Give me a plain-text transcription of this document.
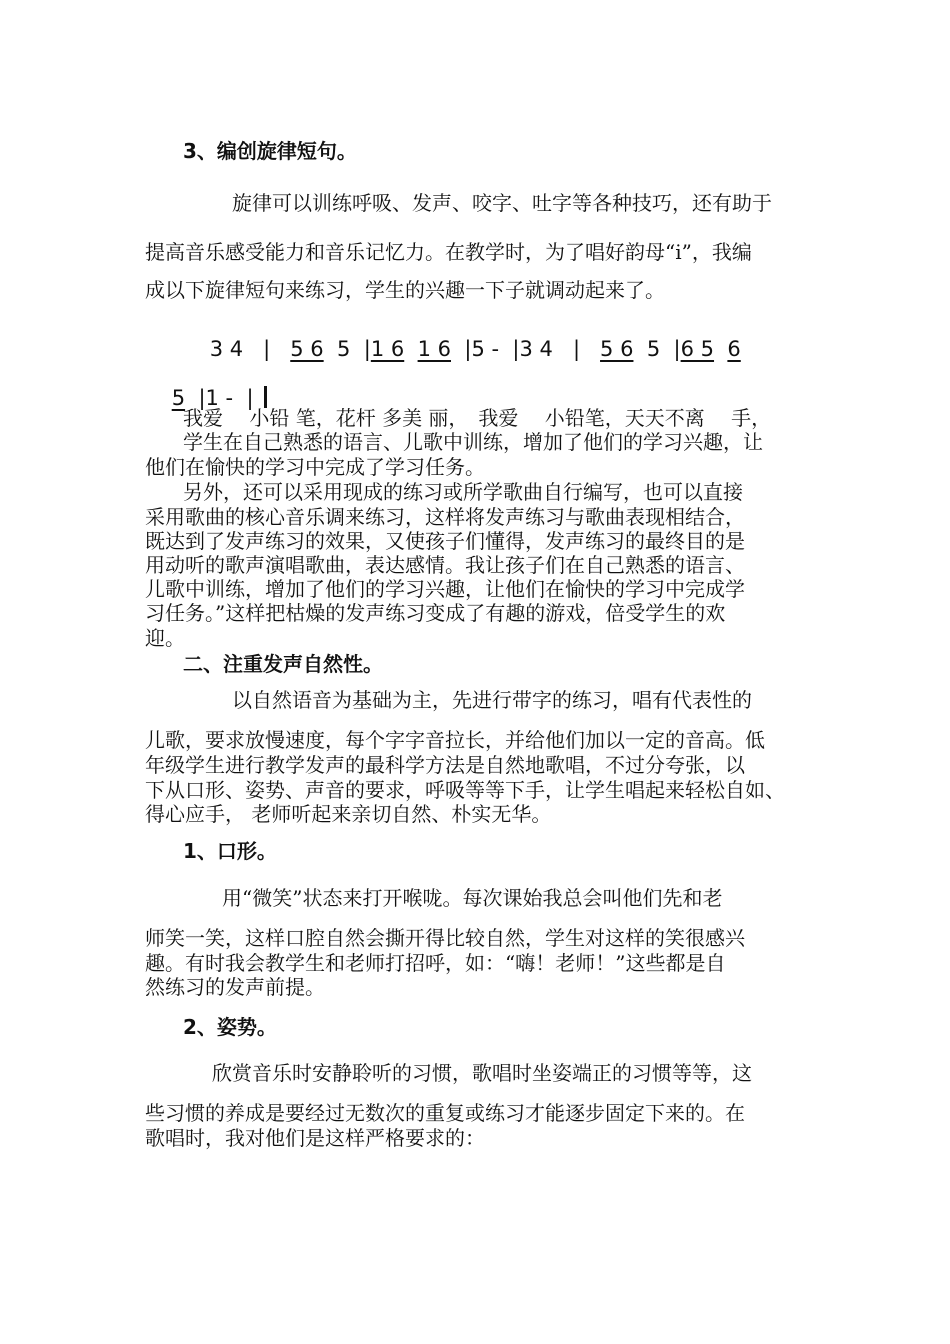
3、编创旋律短句。

旋律可以训练呼吸、发声、咬字、吐字等各种技巧，还有助于

提高音乐感受能力和音乐记忆力。在教学时，为了唱好韵母“i”，我编

成以下旋律短句来练习，学生的兴趣一下子就调动起来了。

3 4 | 5 6 5 |1 6 1 6 |5 - |3 4 | 5 6 5 |6 5 6

5 |1 - |

我爱　 小铅 笔，花杆 多美 丽，　我爱　 小铅笔，天天不离　 手，

学生在自己熟悉的语言、儿歌中训练，增加了他们的学习兴趣，让

他们在愉快的学习中完成了学习任务。

另外，还可以采用现成的练习或所学歌曲自行编写，也可以直接

采用歌曲的核心音乐调来练习，这样将发声练习与歌曲表现相结合，

既达到了发声练习的效果，又使孩子们懂得，发声练习的最终目的是

用动听的歌声演唱歌曲，表达感情。我让孩子们在自己熟悉的语言、

儿歌中训练，增加了他们的学习兴趣，让他们在愉快的学习中完成学

习任务。”这样把枯燥的发声练习变成了有趣的游戏，倍受学生的欢

迎。

二、注重发声自然性。

以自然语音为基础为主，先进行带字的练习，唱有代表性的

儿歌，要求放慢速度，每个字字音拉长，并给他们加以一定的音高。低

年级学生进行教学发声的最科学方法是自然地歌唱，不过分夸张，以

下从口形、姿势、声音的要求，呼吸等等下手，让学生唱起来轻松自如、

得心应手， 老师听起来亲切自然、朴实无华。

1、口形。

用“微笑”状态来打开喉咙。每次课始我总会叫他们先和老

师笑一笑，这样口腔自然会撕开得比较自然，学生对这样的笑很感兴

趣。有时我会教学生和老师打招呼，如：“嗨！老师！”这些都是自

然练习的发声前提。

2、姿势。

欣赏音乐时安静聆听的习惯，歌唱时坐姿端正的习惯等等，这

些习惯的养成是要经过无数次的重复或练习才能逐步固定下来的。在

歌唱时，我对他们是这样严格要求的：
